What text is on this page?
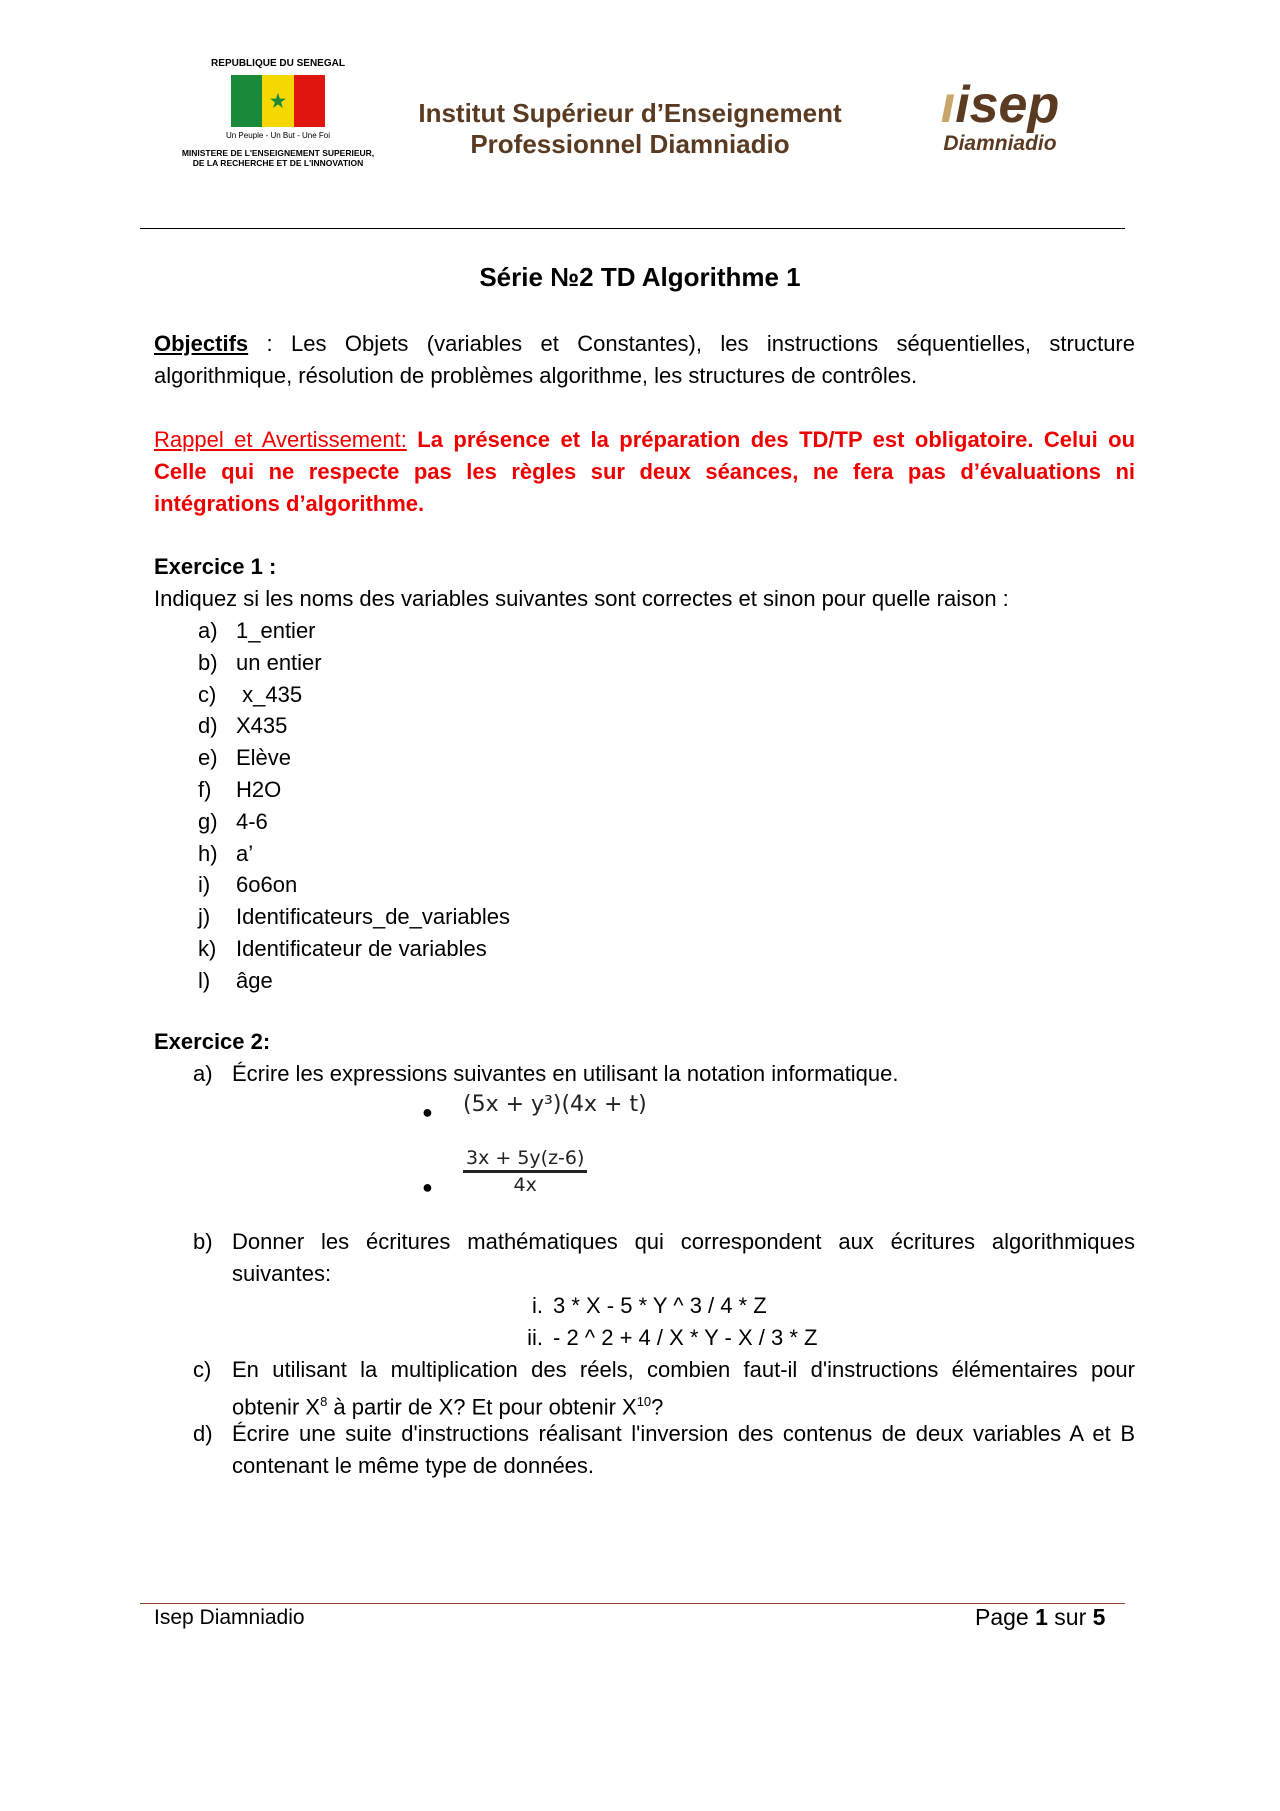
REPUBLIQUE DU SENEGAL
★
Un Peuple - Un But - Une Foi
MINISTERE DE L'ENSEIGNEMENT SUPERIEUR,
DE LA RECHERCHE ET DE L'INNOVATION
Institut Supérieur d’Enseignement
Professionnel Diamniadio
ıisep
Diamniadio
Série №2 TD Algorithme 1
Objectifs : Les Objets (variables et Constantes), les instructions séquentielles, structure algorithmique, résolution de problèmes algorithme, les structures de contrôles.
Rappel et Avertissement: La présence et la préparation des TD/TP est obligatoire. Celui ou Celle qui ne respecte pas les règles sur deux séances, ne fera pas d’évaluations ni intégrations d’algorithme.
Exercice 1 :
Indiquez si les noms des variables suivantes sont correctes et sinon pour quelle raison :
a) 1_entier
b) un entier
c) x_435
d) X435
e) Elève
f)	H2O
g) 4-6
h) a’
i)	6o6on
j)	Identificateurs_de_variables
k) Identificateur de variables
l)	âge
Exercice 2:
a) Écrire les expressions suivantes en utilisant la notation informatique.
● (5x + y³)(4x + t)
● $\frac{3x + 5y(z-6)}{4x}$
b) Donner les écritures mathématiques qui correspondent aux écritures algorithmiques suivantes:
i. 3 * X - 5 * Y ^ 3 / 4 * Z
ii. - 2 ^ 2 + 4 / X * Y - X / 3 * Z
c) En utilisant la multiplication des réels, combien faut-il d'instructions élémentaires pour obtenir $X^8$ à partir de X? Et pour obtenir $X^{10}$?
d) Écrire une suite d'instructions réalisant l'inversion des contenus de deux variables A et B contenant le même type de données.
Isep Diamniadio	Page 1 sur 5
